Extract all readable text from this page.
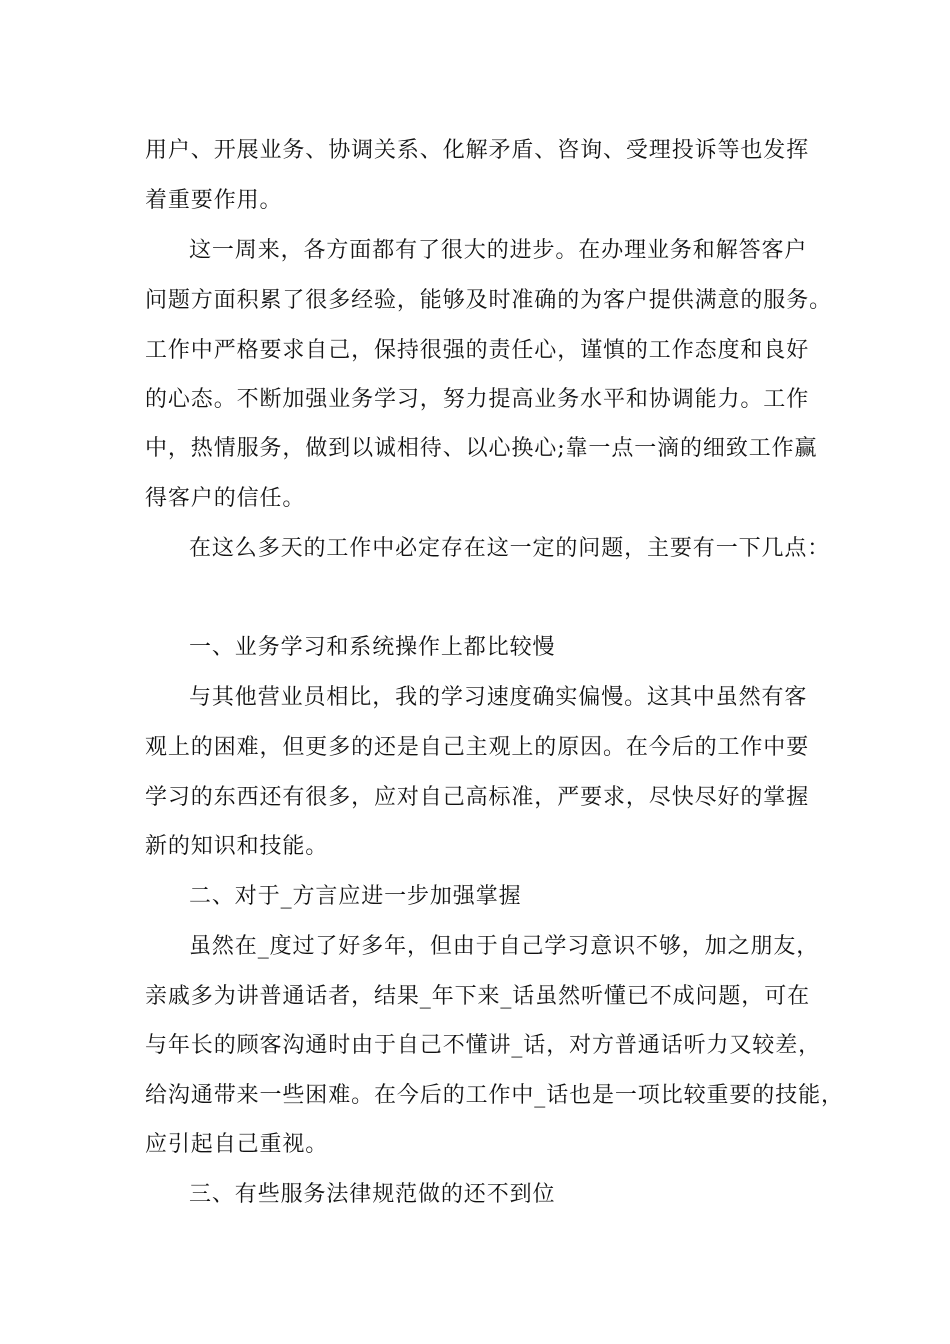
用户、开展业务、协调关系、化解矛盾、咨询、受理投诉等也发挥
着重要作用。
这一周来，各方面都有了很大的进步。在办理业务和解答客户
问题方面积累了很多经验，能够及时准确的为客户提供满意的服务。
工作中严格要求自己，保持很强的责任心，谨慎的工作态度和良好
的心态。不断加强业务学习，努力提高业务水平和协调能力。工作
中，热情服务，做到以诚相待、以心换心;靠一点一滴的细致工作赢
得客户的信任。
在这么多天的工作中必定存在这一定的问题，主要有一下几点：
一、业务学习和系统操作上都比较慢
与其他营业员相比，我的学习速度确实偏慢。这其中虽然有客
观上的困难，但更多的还是自己主观上的原因。在今后的工作中要
学习的东西还有很多，应对自己高标准，严要求，尽快尽好的掌握
新的知识和技能。
二、对于_方言应进一步加强掌握
虽然在_度过了好多年，但由于自己学习意识不够，加之朋友，
亲戚多为讲普通话者，结果_年下来_话虽然听懂已不成问题，可在
与年长的顾客沟通时由于自己不懂讲_话，对方普通话听力又较差，
给沟通带来一些困难。在今后的工作中_话也是一项比较重要的技能，
应引起自己重视。
三、有些服务法律规范做的还不到位
